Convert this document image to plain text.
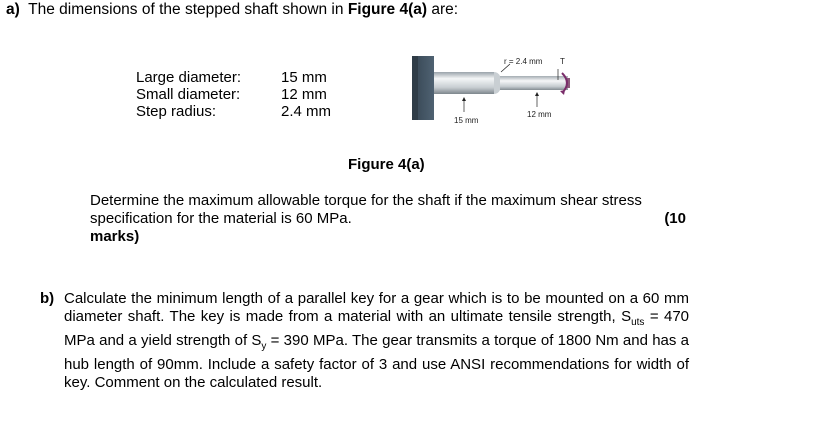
a) The dimensions of the stepped shaft shown in Figure 4(a) are:
Large diameter:	15 mm
Small diameter:	12 mm
Step radius:	2.4 mm
r = 2.4 mm T
15 mm
12 mm
Figure 4(a)
Determine the maximum allowable torque for the shaft if the maximum shear stress
specification for the material is 60 MPa.	(10
marks)
b) Calculate the minimum length of a parallel key for a gear which is to be mounted on a 60 mm diameter shaft. The key is made from a material with an ultimate tensile strength, $S_{uts} = 470$ MPa and a yield strength of $S_y = 390$ MPa. The gear transmits a torque of 1800 Nm and has a hub length of 90mm. Include a safety factor of 3 and use ANSI recommendations for width of key. Comment on the calculated result.
